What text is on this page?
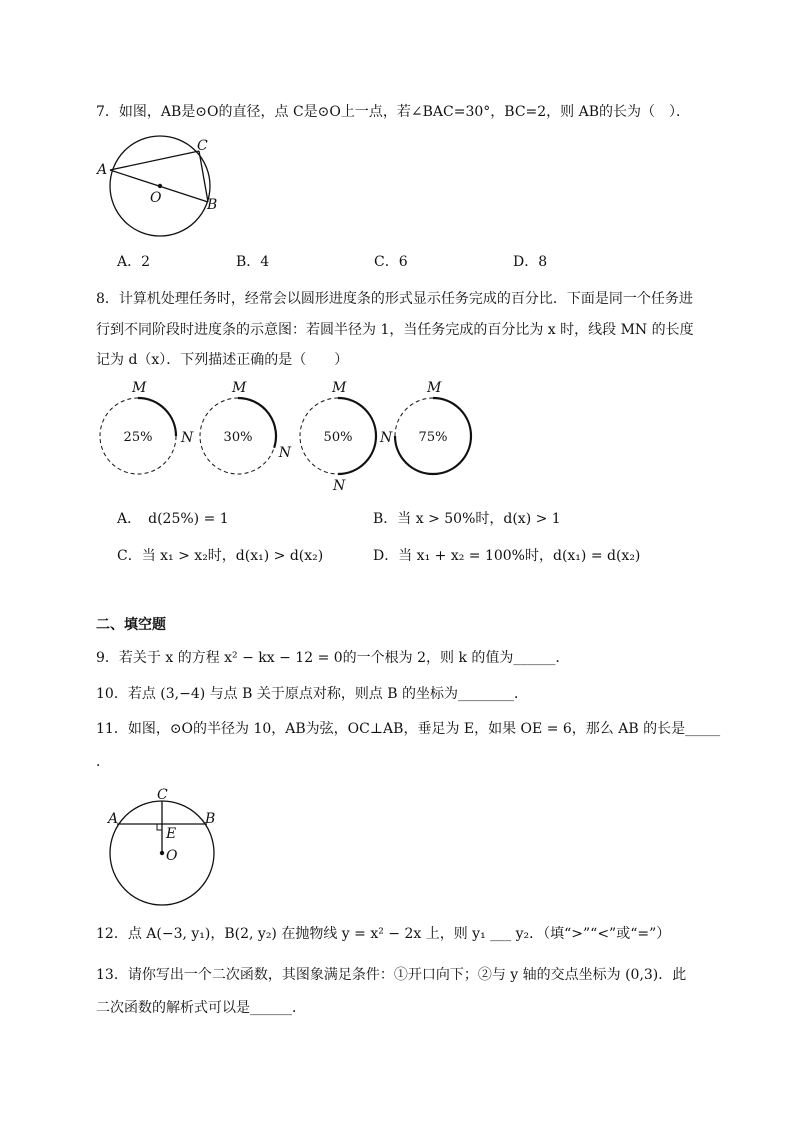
7．如图，AB是⊙O的直径，点 C是⊙O上一点，若∠BAC=30°，BC=2，则 AB的长为（　）．
A
C
O	B
A．2	B．4	C．6	D．8
8．计算机处理任务时，经常会以圆形进度条的形式显示任务完成的百分比．下面是同一个任务进
行到不同阶段时进度条的示意图：若圆半径为 1，当任务完成的百分比为 x 时，线段 MN 的长度
记为 d（x）．下列描述正确的是（　　）
M
N
25%
M
N
30%
M
N
50%
M
N 75%
A．　d(25%) = 1	B．当 x > 50%时，d(x) > 1
C．当 x₁ > x₂时，d(x₁) > d(x₂)	D．当 x₁ + x₂ = 100%时，d(x₁) = d(x₂)
二、填空题
9．若关于 x 的方程 x² − kx − 12 = 0的一个根为 2，则 k 的值为______．
10．若点 (3,−4) 与点 B 关于原点对称，则点 B 的坐标为________．
11．如图，⊙O的半径为 10，AB为弦，OC⊥AB，垂足为 E，如果 OE = 6，那么 AB 的长是_____
．
C
A	B
E
O
12．点 A(−3, y₁)，B(2, y₂) 在抛物线 y = x² − 2x 上，则 y₁ ___ y₂．（填“>”“<”或“=”）
13．请你写出一个二次函数，其图象满足条件：①开口向下；②与 y 轴的交点坐标为 (0,3)．此
二次函数的解析式可以是______．
